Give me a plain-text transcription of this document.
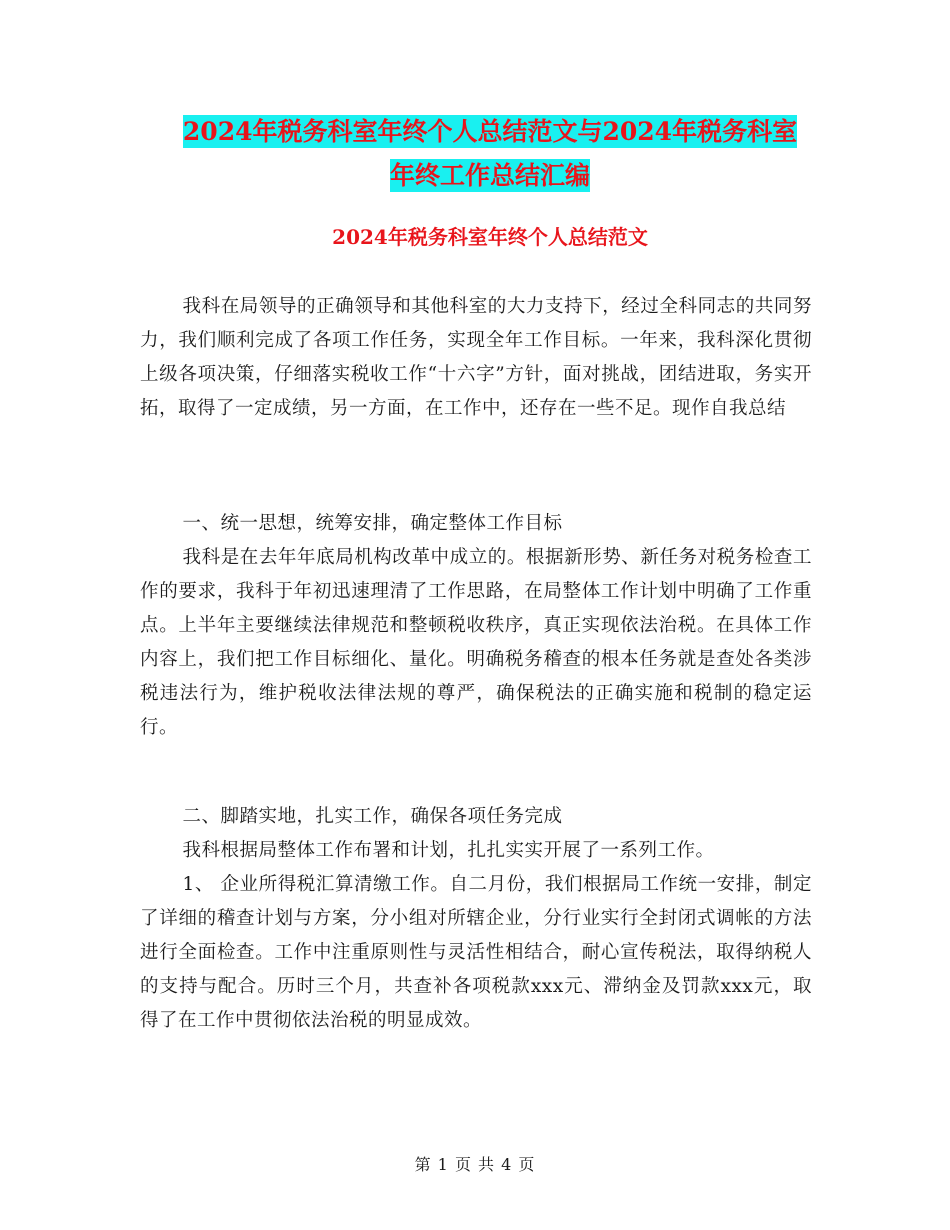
2024年税务科室年终个人总结范文与2024年税务科室
年终工作总结汇编
2024年税务科室年终个人总结范文

我科在局领导的正确领导和其他科室的大力支持下，经过全科同志的共同努力，我们顺利完成了各项工作任务，实现全年工作目标。一年来，我科深化贯彻上级各项决策，仔细落实税收工作“十六字”方针，面对挑战，团结进取，务实开拓，取得了一定成绩，另一方面，在工作中，还存在一些不足。现作自我总结

一、统一思想，统筹安排，确定整体工作目标

我科是在去年年底局机构改革中成立的。根据新形势、新任务对税务检查工作的要求，我科于年初迅速理清了工作思路，在局整体工作计划中明确了工作重点。上半年主要继续法律规范和整顿税收秩序，真正实现依法治税。在具体工作内容上，我们把工作目标细化、量化。明确税务稽查的根本任务就是查处各类涉税违法行为，维护税收法律法规的尊严，确保税法的正确实施和税制的稳定运行。

二、脚踏实地，扎实工作，确保各项任务完成

我科根据局整体工作布署和计划，扎扎实实开展了一系列工作。

1、 企业所得税汇算清缴工作。自二月份，我们根据局工作统一安排，制定了详细的稽查计划与方案，分小组对所辖企业，分行业实行全封闭式调帐的方法进行全面检查。工作中注重原则性与灵活性相结合，耐心宣传税法，取得纳税人的支持与配合。历时三个月，共查补各项税款xxx元、滞纳金及罚款xxx元，取得了在工作中贯彻依法治税的明显成效。

第 1 页 共 4 页
